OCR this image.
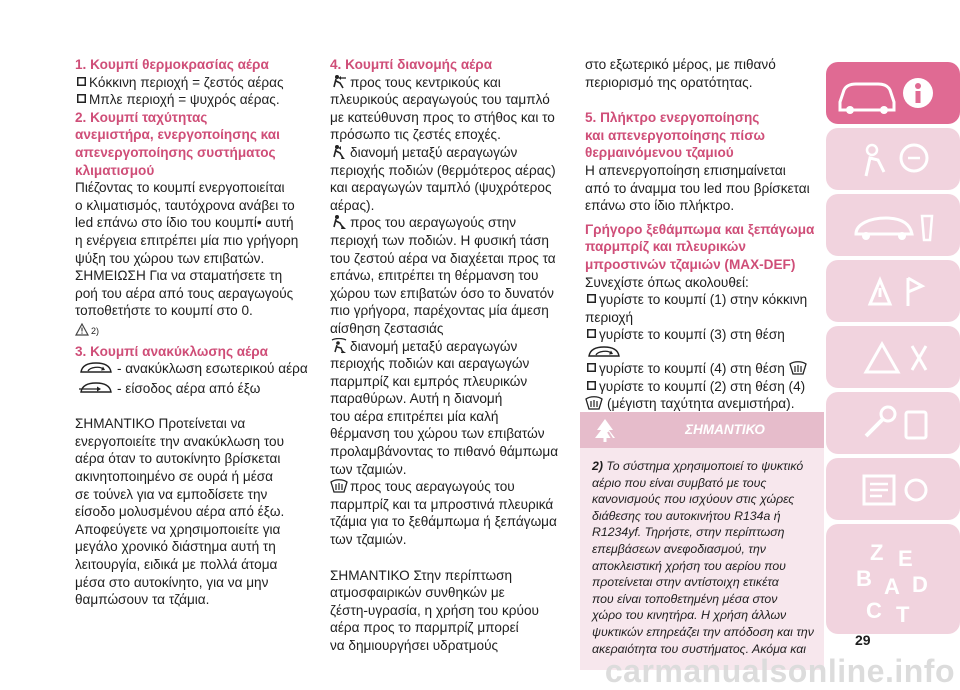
1. Κουμπί θερμοκρασίας αέρα
Κόκκινη περιοχή = ζεστός αέρας
Μπλε περιοχή = ψυχρός αέρας.
2. Κουμπί ταχύτητας
ανεμιστήρα, ενεργοποίησης και
απενεργοποίησης συστήματος
κλιματισμού
Πιέζοντας το κουμπί ενεργοποιείται
ο κλιματισμός, ταυτόχρονα ανάβει το
led επάνω στο ίδιο του κουμπί• αυτή
η ενέργεια επιτρέπει μία πιο γρήγορη
ψύξη του χώρου των επιβατών.
ΣΗΜΕΙΩΣΗ Για να σταματήσετε τη
ροή του αέρα από τους αεραγωγούς
τοποθετήστε το κουμπί στο 0.
2)
3. Κουμπί ανακύκλωσης αέρα
- ανακύκλωση εσωτερικού αέρα
- είσοδος αέρα από έξω
ΣΗΜΑΝΤΙΚΟ Προτείνεται να
ενεργοποιείτε την ανακύκλωση του
αέρα όταν το αυτοκίνητο βρίσκεται
ακινητοποιημένο σε ουρά ή μέσα
σε τούνελ για να εμποδίσετε την
είσοδο μολυσμένου αέρα από έξω.
Αποφεύγετε να χρησιμοποιείτε για
μεγάλο χρονικό διάστημα αυτή τη
λειτουργία, ειδικά με πολλά άτομα
μέσα στο αυτοκίνητο, για να μην
θαμπώσουν τα τζάμια.
4. Κουμπί διανομής αέρα
προς τους κεντρικούς και
πλευρικούς αεραγωγούς του ταμπλό
με κατεύθυνση προς το στήθος και το
πρόσωπο τις ζεστές εποχές.
διανομή μεταξύ αεραγωγών
περιοχής ποδιών (θερμότερος αέρας)
και αεραγωγών ταμπλό (ψυχρότερος
αέρας).
προς του αεραγωγούς στην
περιοχή των ποδιών. Η φυσική τάση
του ζεστού αέρα να διαχέεται προς τα
επάνω, επιτρέπει τη θέρμανση του
χώρου των επιβατών όσο το δυνατόν
πιο γρήγορα, παρέχοντας μία άμεση
αίσθηση ζεστασιάς
διανομή μεταξύ αεραγωγών
περιοχής ποδιών και αεραγωγών
παρμπρίζ και εμπρός πλευρικών
παραθύρων. Αυτή η διανομή
του αέρα επιτρέπει μία καλή
θέρμανση του χώρου των επιβατών
προλαμβάνοντας το πιθανό θάμπωμα
των τζαμιών.
προς τους αεραγωγούς του
παρμπρίζ και τα μπροστινά πλευρικά
τζάμια για το ξεθάμπωμα ή ξεπάγωμα
των τζαμιών.
ΣΗΜΑΝΤΙΚΟ Στην περίπτωση
ατμοσφαιρικών συνθηκών με
ζέστη-υγρασία, η χρήση του κρύου
αέρα προς το παρμπρίζ μπορεί
να δημιουργήσει υδρατμούς
στο εξωτερικό μέρος, με πιθανό
περιορισμό της ορατότητας.
5. Πλήκτρο ενεργοποίησης
και απενεργοποίησης πίσω
θερμαινόμενου τζαμιού
Η απενεργοποίηση επισημαίνεται
από το άναμμα του led που βρίσκεται
επάνω στο ίδιο πλήκτρο.
Γρήγορο ξεθάμπωμα και ξεπάγωμα
παρμπρίζ και πλευρικών
μπροστινών τζαμιών (MAX-DEF)
Συνεχίστε όπως ακολουθεί:
γυρίστε το κουμπί (1) στην κόκκινη
περιοχή
γυρίστε το κουμπί (3) στη θέση
γυρίστε το κουμπί (4) στη θέση
γυρίστε το κουμπί (2) στη θέση (4)
(μέγιστη ταχύτητα ανεμιστήρα).
ΣΗΜΑΝΤΙΚΟ
2) Το σύστημα χρησιμοποιεί το ψυκτικό
αέριο που είναι συμβατό με τους
κανονισμούς που ισχύουν στις χώρες
διάθεσης του αυτοκινήτου R134a ή
R1234yf. Τηρήστε, στην περίπτωση
επεμβάσεων ανεφοδιασμού, την
αποκλειστική χρήση του αερίου που
προτείνεται στην αντίστοιχη ετικέτα
που είναι τοποθετημένη μέσα στον
χώρο του κινητήρα. Η χρήση άλλων
ψυκτικών επηρεάζει την απόδοση και την
ακεραιότητα του συστήματος. Ακόμα και
Z E
B A D
C T
29
carmanualsonline.info
